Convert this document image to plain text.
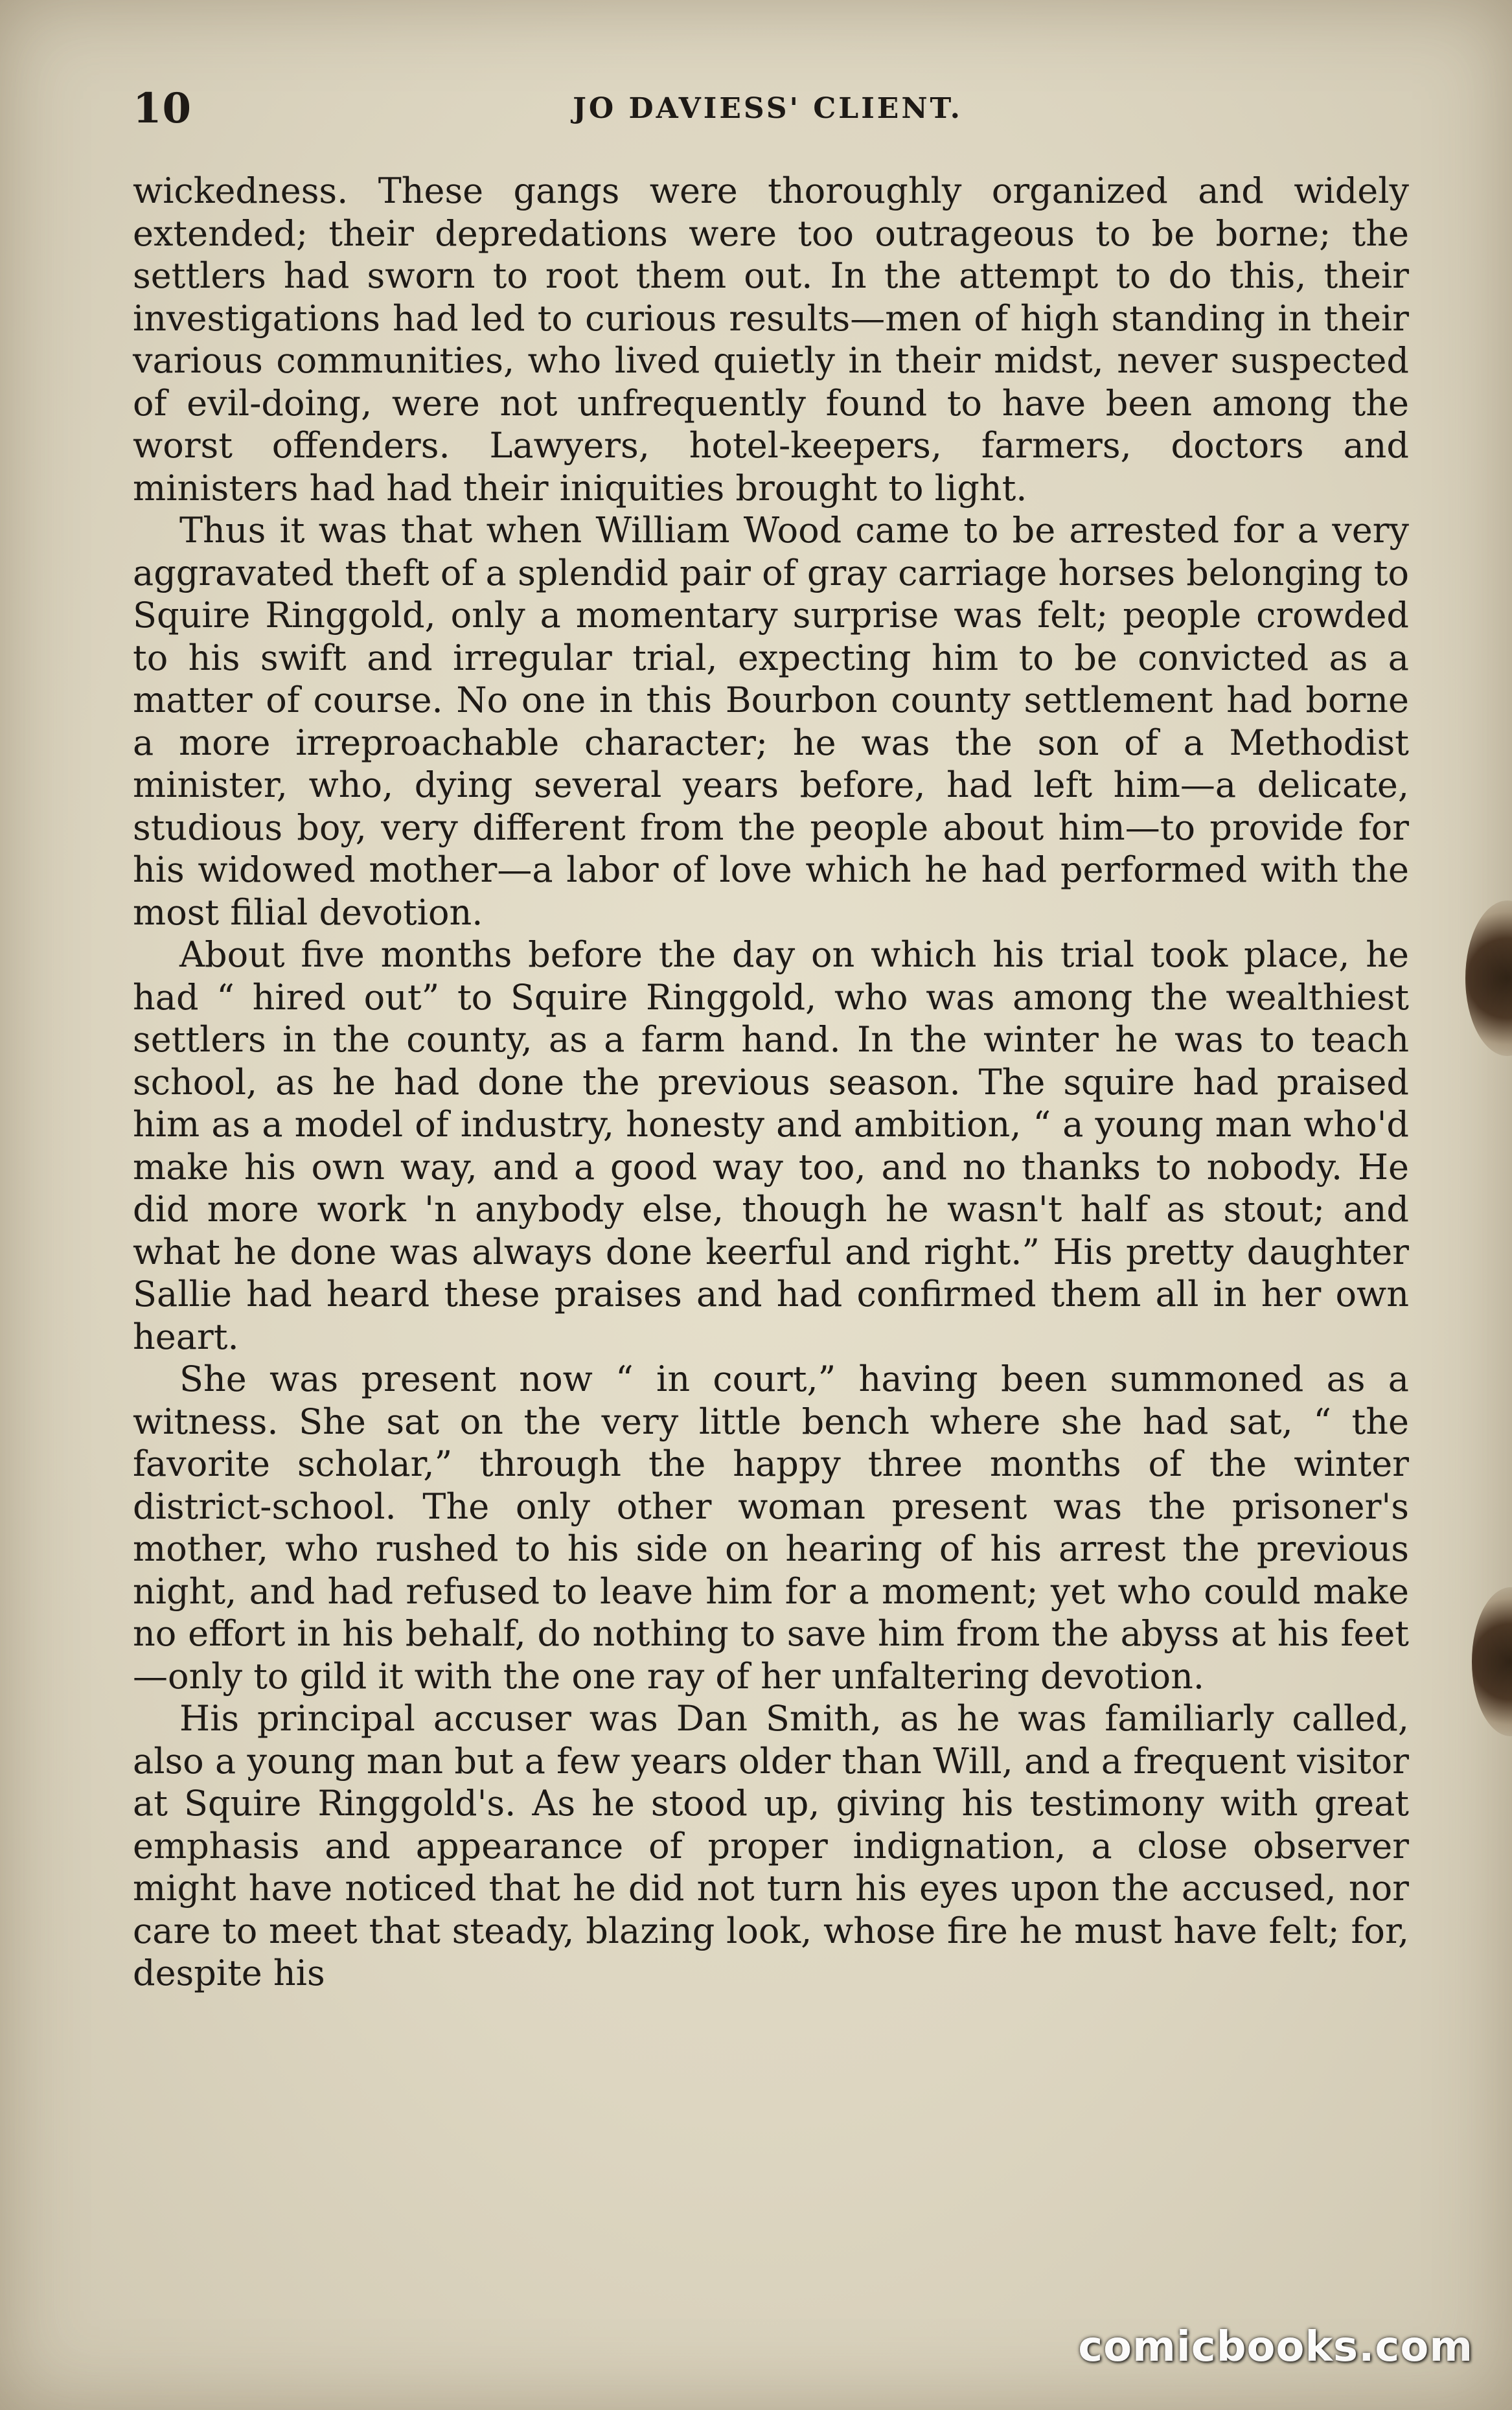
10	JO DAVIESS' CLIENT.

wickedness. These gangs were thoroughly organized and widely extended; their depredations were too outrageous to be borne; the settlers had sworn to root them out. In the attempt to do this, their investigations had led to curious results—men of high standing in their various communities, who lived quietly in their midst, never suspected of evil-doing, were not unfrequently found to have been among the worst offenders. Lawyers, hotel-keepers, farmers, doctors and ministers had had their iniquities brought to light.

Thus it was that when William Wood came to be arrested for a very aggravated theft of a splendid pair of gray carriage horses belonging to Squire Ringgold, only a momentary surprise was felt; people crowded to his swift and irregular trial, expecting him to be convicted as a matter of course. No one in this Bourbon county settlement had borne a more irreproachable character; he was the son of a Methodist minister, who, dying several years before, had left him—a delicate, studious boy, very different from the people about him—to provide for his widowed mother—a labor of love which he had performed with the most filial devotion.

About five months before the day on which his trial took place, he had “ hired out” to Squire Ringgold, who was among the wealthiest settlers in the county, as a farm hand. In the winter he was to teach school, as he had done the previous season. The squire had praised him as a model of industry, honesty and ambition, “ a young man who'd make his own way, and a good way too, and no thanks to nobody. He did more work 'n anybody else, though he wasn't half as stout; and what he done was always done keerful and right.” His pretty daughter Sallie had heard these praises and had confirmed them all in her own heart.

She was present now “ in court,” having been summoned as a witness. She sat on the very little bench where she had sat, “ the favorite scholar,” through the happy three months of the winter district-school. The only other woman present was the prisoner's mother, who rushed to his side on hearing of his arrest the previous night, and had refused to leave him for a moment; yet who could make no effort in his behalf, do nothing to save him from the abyss at his feet—only to gild it with the one ray of her unfaltering devotion.

His principal accuser was Dan Smith, as he was familiarly called, also a young man but a few years older than Will, and a frequent visitor at Squire Ringgold's. As he stood up, giving his testimony with great emphasis and appearance of proper indignation, a close observer might have noticed that he did not turn his eyes upon the accused, nor care to meet that steady, blazing look, whose fire he must have felt; for, despite his

comicbooks.com
